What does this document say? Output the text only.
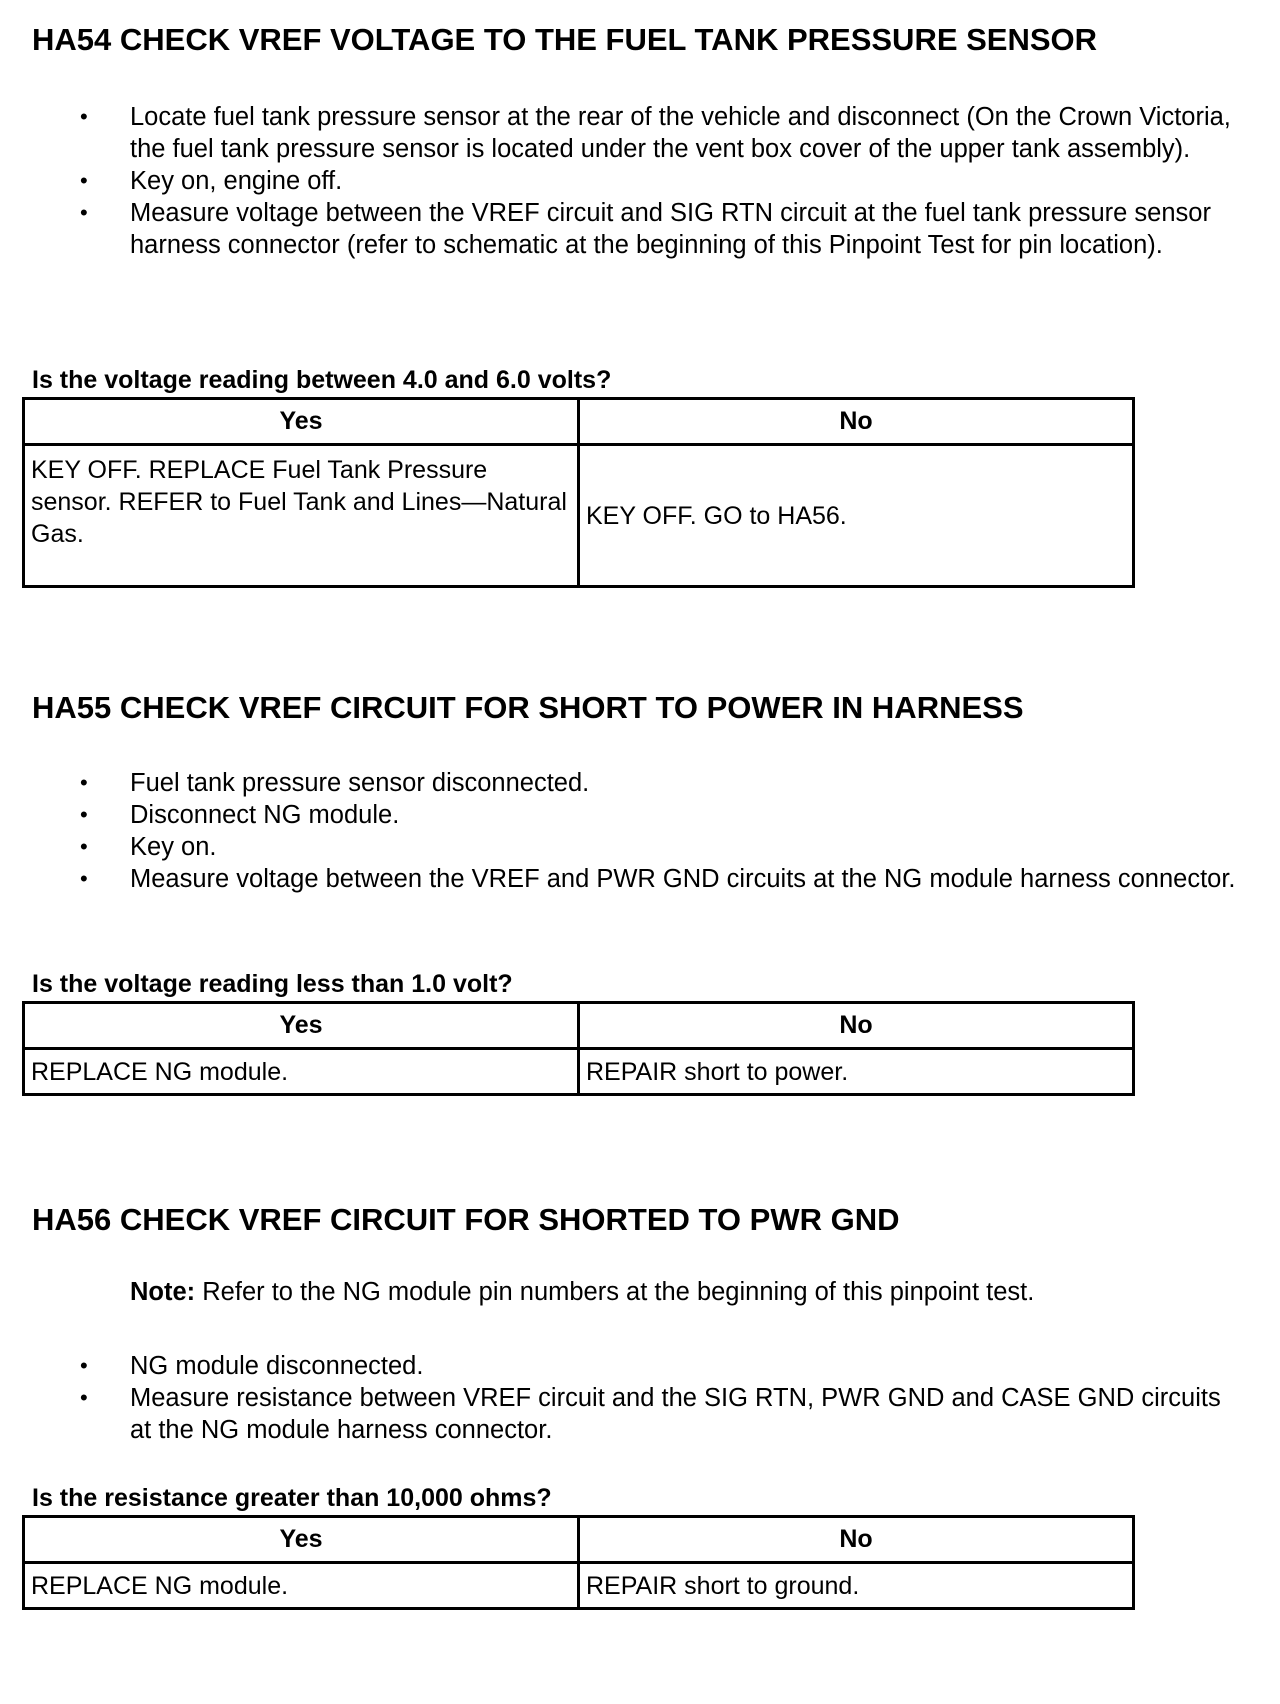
HA54 CHECK VREF VOLTAGE TO THE FUEL TANK PRESSURE SENSOR
• Locate fuel tank pressure sensor at the rear of the vehicle and disconnect (On the Crown Victoria, the fuel tank pressure sensor is located under the vent box cover of the upper tank assembly).
• Key on, engine off.
• Measure voltage between the VREF circuit and SIG RTN circuit at the fuel tank pressure sensor harness connector (refer to schematic at the beginning of this Pinpoint Test for pin location).

Is the voltage reading between 4.0 and 6.0 volts?

Yes	No
KEY OFF. REPLACE Fuel Tank Pressure sensor. REFER to Fuel Tank and Lines—Natural Gas.	KEY OFF. GO to HA56.
HA55 CHECK VREF CIRCUIT FOR SHORT TO POWER IN HARNESS
• Fuel tank pressure sensor disconnected.
• Disconnect NG module.
• Key on.
• Measure voltage between the VREF and PWR GND circuits at the NG module harness connector.

Is the voltage reading less than 1.0 volt?

Yes	No
REPLACE NG module.	REPAIR short to power.
HA56 CHECK VREF CIRCUIT FOR SHORTED TO PWR GND

Note: Refer to the NG module pin numbers at the beginning of this pinpoint test.

• NG module disconnected.
• Measure resistance between VREF circuit and the SIG RTN, PWR GND and CASE GND circuits at the NG module harness connector.

Is the resistance greater than 10,000 ohms?

Yes	No
REPLACE NG module.	REPAIR short to ground.
